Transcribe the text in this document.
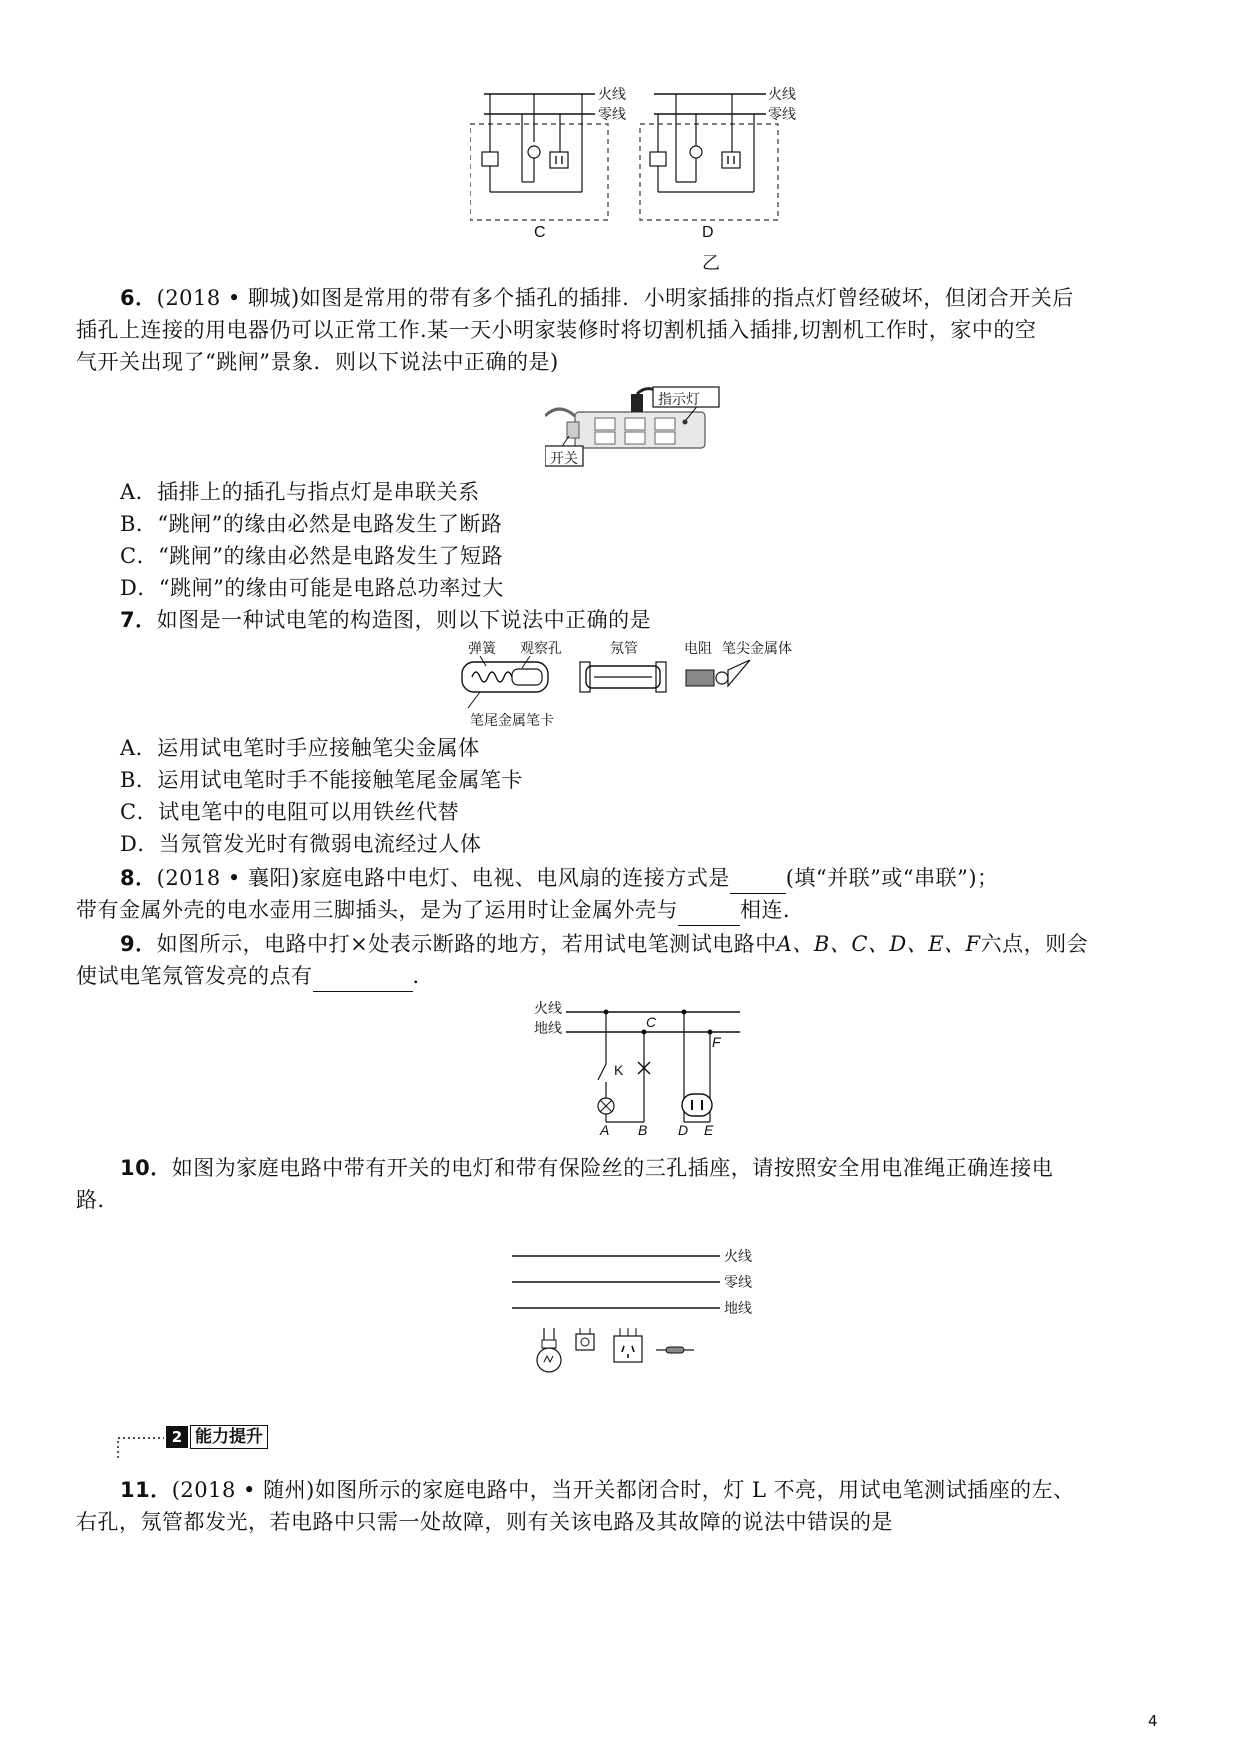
火线
零线
火线
零线
C	D
乙
6．(2018 • 聊城)如图是常用的带有多个插孔的插排．小明家插排的指点灯曾经破坏，但闭合开关后
插孔上连接的用电器仍可以正常工作.某一天小明家装修时将切割机插入插排,切割机工作时，家中的空
气开关出现了“跳闸”景象．则以下说法中正确的是)
指示灯
开关
A．插排上的插孔与指点灯是串联关系
B．“跳闸”的缘由必然是电路发生了断路
C．“跳闸”的缘由必然是电路发生了短路
D．“跳闸”的缘由可能是电路总功率过大
7．如图是一种试电笔的构造图，则以下说法中正确的是
弹簧 观察孔	氖管	电阻 笔尖金属体
笔尾金属笔卡
A．运用试电笔时手应接触笔尖金属体
B．运用试电笔时手不能接触笔尾金属笔卡
C．试电笔中的电阻可以用铁丝代替
D．当氖管发光时有微弱电流经过人体
8．(2018 • 襄阳)家庭电路中电灯、电视、电风扇的连接方式是	(填“并联”或“串联”)；
带有金属外壳的电水壶用三脚插头，是为了运用时让金属外壳与	相连．
9．如图所示，电路中打×处表示断路的地方，若用试电笔测试电路中A、B、C、D、E、F六点，则会
使试电笔氖管发亮的点有	．
火线
地线
K
C
F
A B D E
10．如图为家庭电路中带有开关的电灯和带有保险丝的三孔插座，请按照安全用电准绳正确连接电
路．
火线
零线
地线
2 能力提升
11．(2018 • 随州)如图所示的家庭电路中，当开关都闭合时，灯 L 不亮，用试电笔测试插座的左、
右孔，氖管都发光，若电路中只需一处故障，则有关该电路及其故障的说法中错误的是
4
